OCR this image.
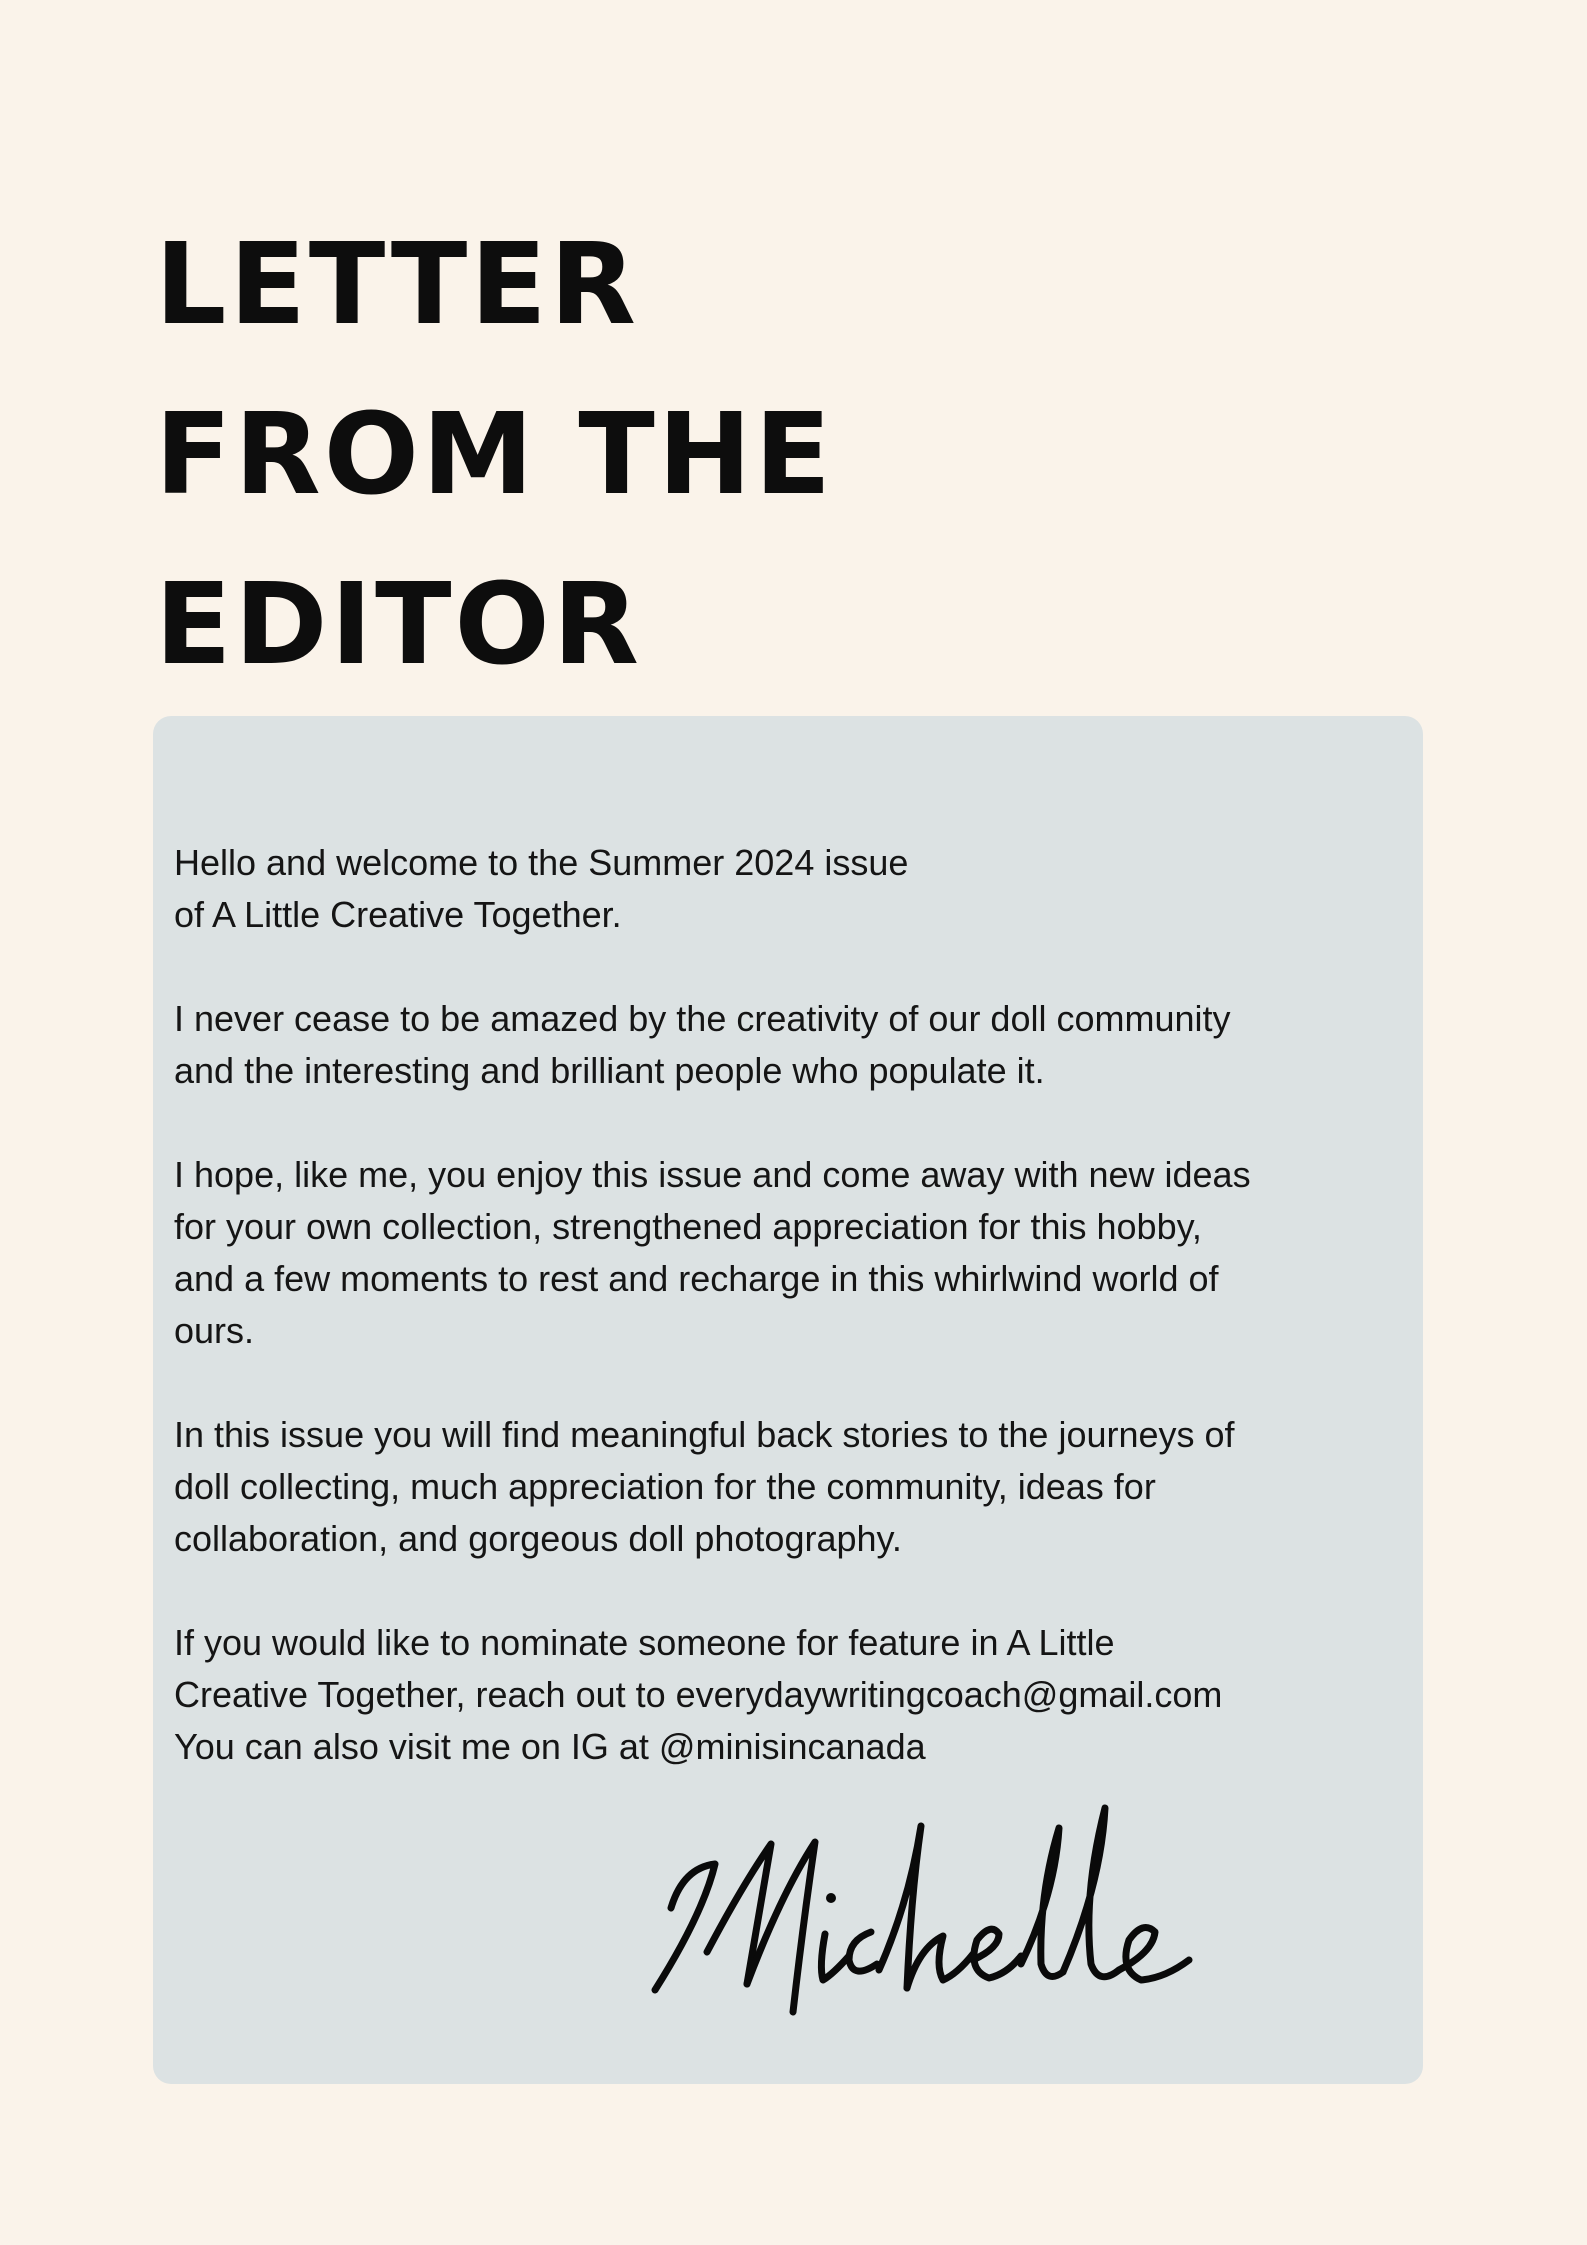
LETTER
FROM THE
EDITOR

Hello and welcome to the Summer 2024 issue
of A Little Creative Together.

I never cease to be amazed by the creativity of our doll community
and the interesting and brilliant people who populate it.

I hope, like me, you enjoy this issue and come away with new ideas
for your own collection, strengthened appreciation for this hobby,
and a few moments to rest and recharge in this whirlwind world of
ours.

In this issue you will find meaningful back stories to the journeys of
doll collecting, much appreciation for the community, ideas for
collaboration, and gorgeous doll photography.

If you would like to nominate someone for feature in A Little
Creative Together, reach out to everydaywritingcoach@gmail.com
You can also visit me on IG at @minisincanada
